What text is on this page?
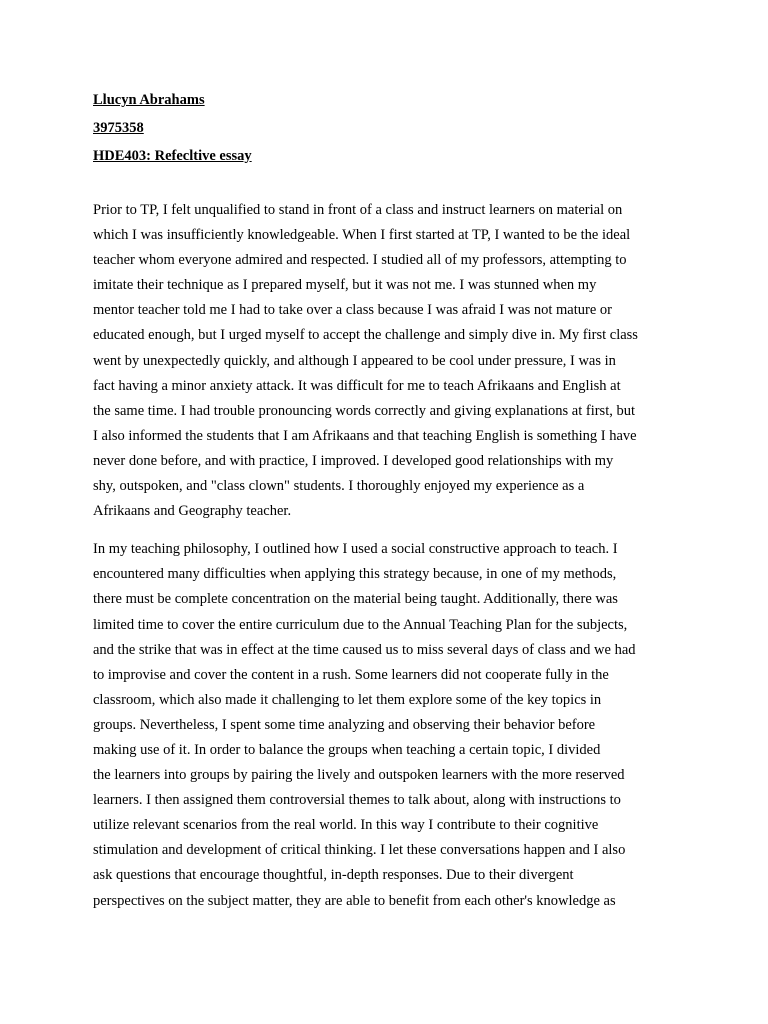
Llucyn Abrahams
3975358
HDE403: Refecltive essay

Prior to TP, I felt unqualified to stand in front of a class and instruct learners on material on
which I was insufficiently knowledgeable. When I first started at TP, I wanted to be the ideal
teacher whom everyone admired and respected. I studied all of my professors, attempting to
imitate their technique as I prepared myself, but it was not me. I was stunned when my
mentor teacher told me I had to take over a class because I was afraid I was not mature or
educated enough, but I urged myself to accept the challenge and simply dive in. My first class
went by unexpectedly quickly, and although I appeared to be cool under pressure, I was in
fact having a minor anxiety attack. It was difficult for me to teach Afrikaans and English at
the same time. I had trouble pronouncing words correctly and giving explanations at first, but
I also informed the students that I am Afrikaans and that teaching English is something I have
never done before, and with practice, I improved. I developed good relationships with my
shy, outspoken, and "class clown" students. I thoroughly enjoyed my experience as a
Afrikaans and Geography teacher.

In my teaching philosophy, I outlined how I used a social constructive approach to teach. I
encountered many difficulties when applying this strategy because, in one of my methods,
there must be complete concentration on the material being taught. Additionally, there was
limited time to cover the entire curriculum due to the Annual Teaching Plan for the subjects,
and the strike that was in effect at the time caused us to miss several days of class and we had
to improvise and cover the content in a rush. Some learners did not cooperate fully in the
classroom, which also made it challenging to let them explore some of the key topics in
groups. Nevertheless, I spent some time analyzing and observing their behavior before
making use of it. In order to balance the groups when teaching a certain topic, I divided
the learners into groups by pairing the lively and outspoken learners with the more reserved
learners. I then assigned them controversial themes to talk about, along with instructions to
utilize relevant scenarios from the real world. In this way I contribute to their cognitive
stimulation and development of critical thinking. I let these conversations happen and I also
ask questions that encourage thoughtful, in-depth responses. Due to their divergent
perspectives on the subject matter, they are able to benefit from each other's knowledge as
